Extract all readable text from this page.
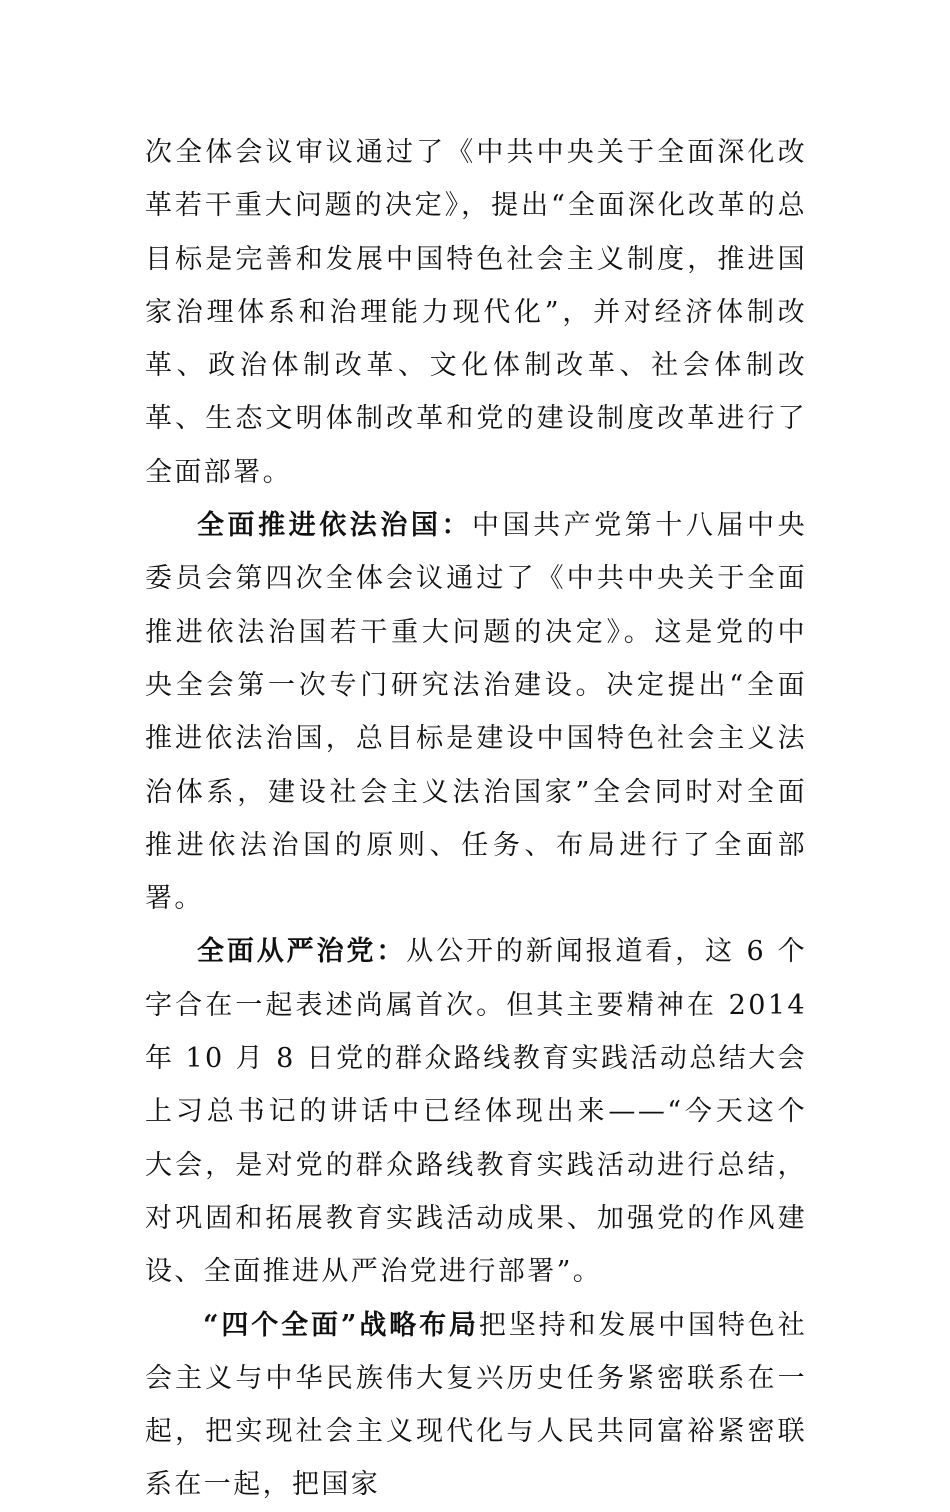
次全体会议审议通过了《中共中央关于全面深化改革若干重大问题的决定》，提出“全面深化改革的总目标是完善和发展中国特色社会主义制度，推进国家治理体系和治理能力现代化”，并对经济体制改革、政治体制改革、文化体制改革、社会体制改革、生态文明体制改革和党的建设制度改革进行了全面部署。

全面推进依法治国：中国共产党第十八届中央委员会第四次全体会议通过了《中共中央关于全面推进依法治国若干重大问题的决定》。这是党的中央全会第一次专门研究法治建设。决定提出“全面推进依法治国，总目标是建设中国特色社会主义法治体系，建设社会主义法治国家”全会同时对全面推进依法治国的原则、任务、布局进行了全面部署。

全面从严治党：从公开的新闻报道看，这 6 个字合在一起表述尚属首次。但其主要精神在 2014 年 10 月 8 日党的群众路线教育实践活动总结大会上习总书记的讲话中已经体现出来——“今天这个大会，是对党的群众路线教育实践活动进行总结，对巩固和拓展教育实践活动成果、加强党的作风建设、全面推进从严治党进行部署”。

“四个全面”战略布局把坚持和发展中国特色社会主义与中华民族伟大复兴历史任务紧密联系在一起，把实现社会主义现代化与人民共同富裕紧密联系在一起，把国家
